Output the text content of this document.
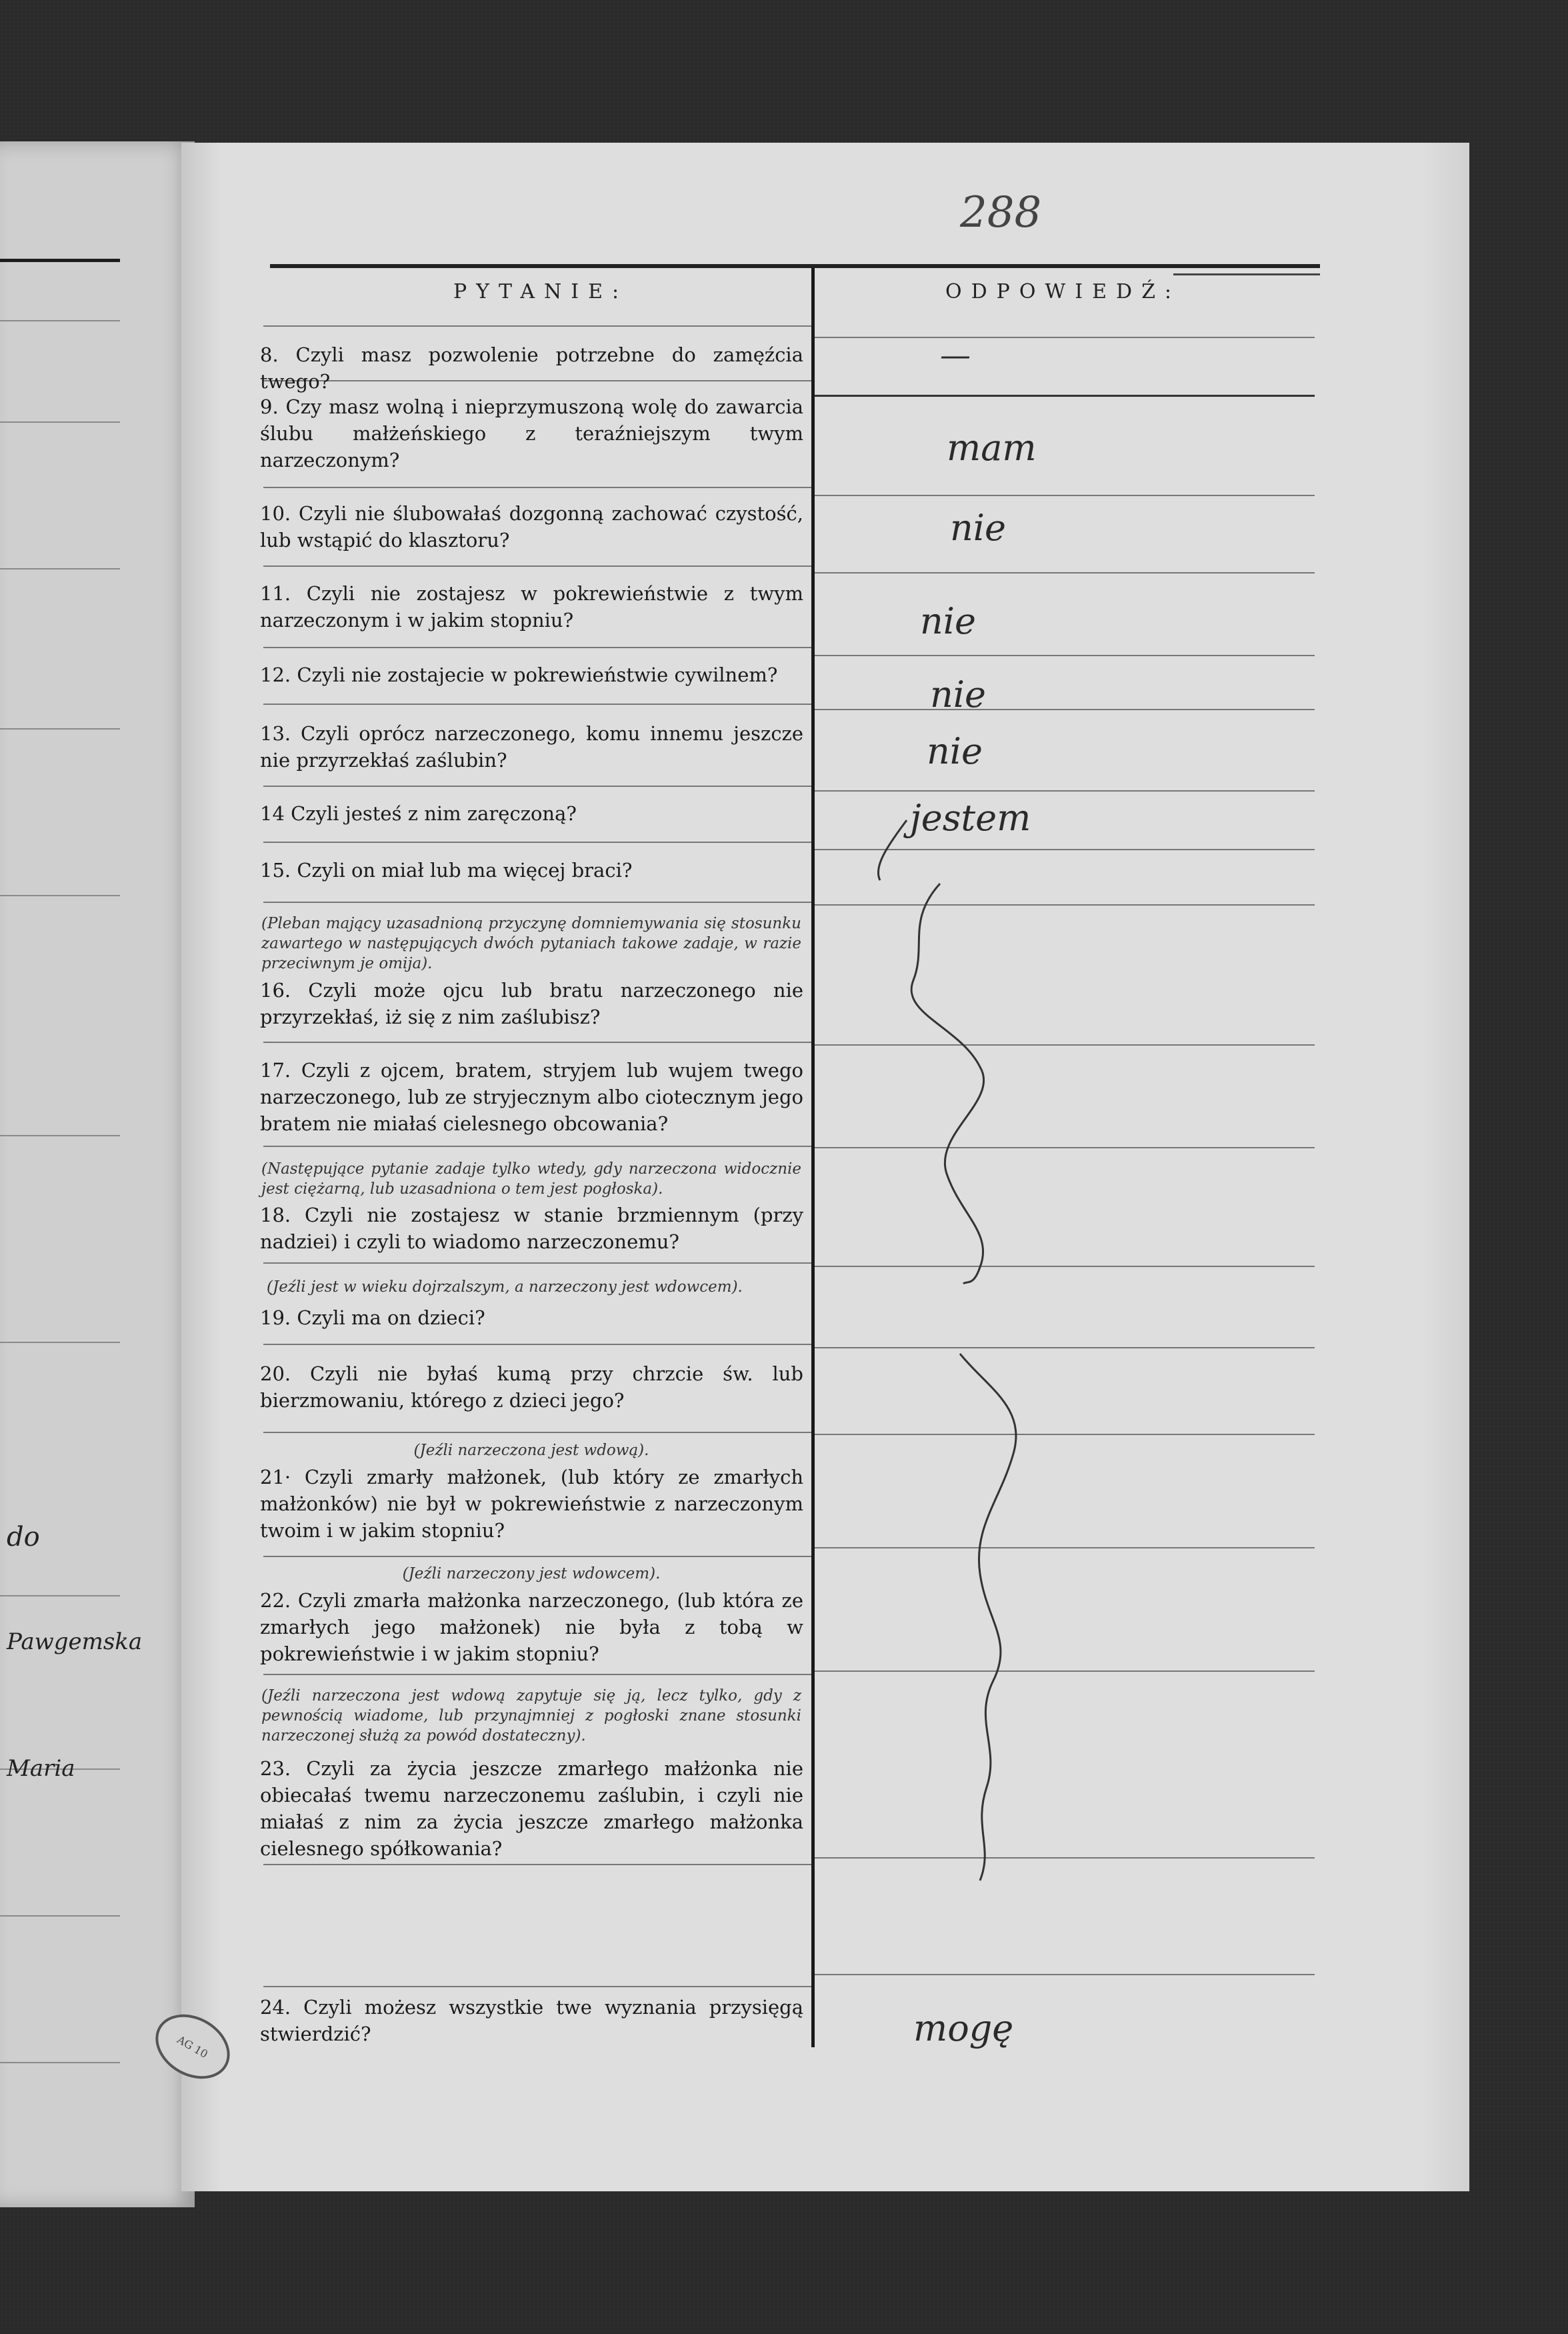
do
Pawgemska
Maria
288
PYTANIE:	ODPOWIEDŹ:
8. Czyli masz pozwolenie potrzebne do zamęźcia twego?
9. Czy masz wolną i nieprzymuszoną wolę do zawarcia ślubu małżeńskiego z teraźniejszym twym narzeczonym?
10. Czyli nie ślubowałaś dozgonną zachować czystość, lub wstąpić do klasztoru?
11. Czyli nie zostajesz w pokrewieństwie z twym narzeczonym i w jakim stopniu?
12. Czyli nie zostajecie w pokrewieństwie cywilnem?
13. Czyli oprócz narzeczonego, komu innemu jeszcze nie przyrzekłaś zaślubin?
14 Czyli jesteś z nim zaręczoną?
15. Czyli on miał lub ma więcej braci?
(Pleban mający uzasadnioną przyczynę domniemywania się stosunku zawartego w następujących dwóch pytaniach takowe zadaje, w razie przeciwnym je omija).
16. Czyli może ojcu lub bratu narzeczonego nie przyrzekłaś, iż się z nim zaślubisz?
17. Czyli z ojcem, bratem, stryjem lub wujem twego narzeczonego, lub ze stryjecznym albo ciotecznym jego bratem nie miałaś cielesnego obcowania?
(Następujące pytanie zadaje tylko wtedy, gdy narzeczona widocznie jest ciężarną, lub uzasadniona o tem jest pogłoska).
18. Czyli nie zostajesz w stanie brzmiennym (przy nadziei) i czyli to wiadomo narzeczonemu?
(Jeźli jest w wieku dojrzalszym, a narzeczony jest wdowcem).
19. Czyli ma on dzieci?
20. Czyli nie byłaś kumą przy chrzcie św. lub bierzmowaniu, którego z dzieci jego?
(Jeźli narzeczona jest wdową).
21· Czyli zmarły małżonek, (lub który ze zmarłych małżonków) nie był w pokrewieństwie z narzeczonym twoim i w jakim stopniu?
(Jeźli narzeczony jest wdowcem).
22. Czyli zmarła małżonka narzeczonego, (lub która ze zmarłych jego małżonek) nie była z tobą w pokrewieństwie i w jakim stopniu?
(Jeźli narzeczona jest wdową zapytuje się ją, lecz tylko, gdy z pewnością wiadome, lub przynajmniej z pogłoski znane stosunki narzeczonej służą za powód dostateczny).
23. Czyli za życia jeszcze zmarłego małżonka nie obiecałaś twemu narzeczonemu zaślubin, i czyli nie miałaś z nim za życia jeszcze zmarłego małżonka cielesnego spółkowania?
24. Czyli możesz wszystkie twe wyznania przysięgą stwierdzić?
—
mam
nie
nie
nie
nie
jestem
mogę
AG 10
